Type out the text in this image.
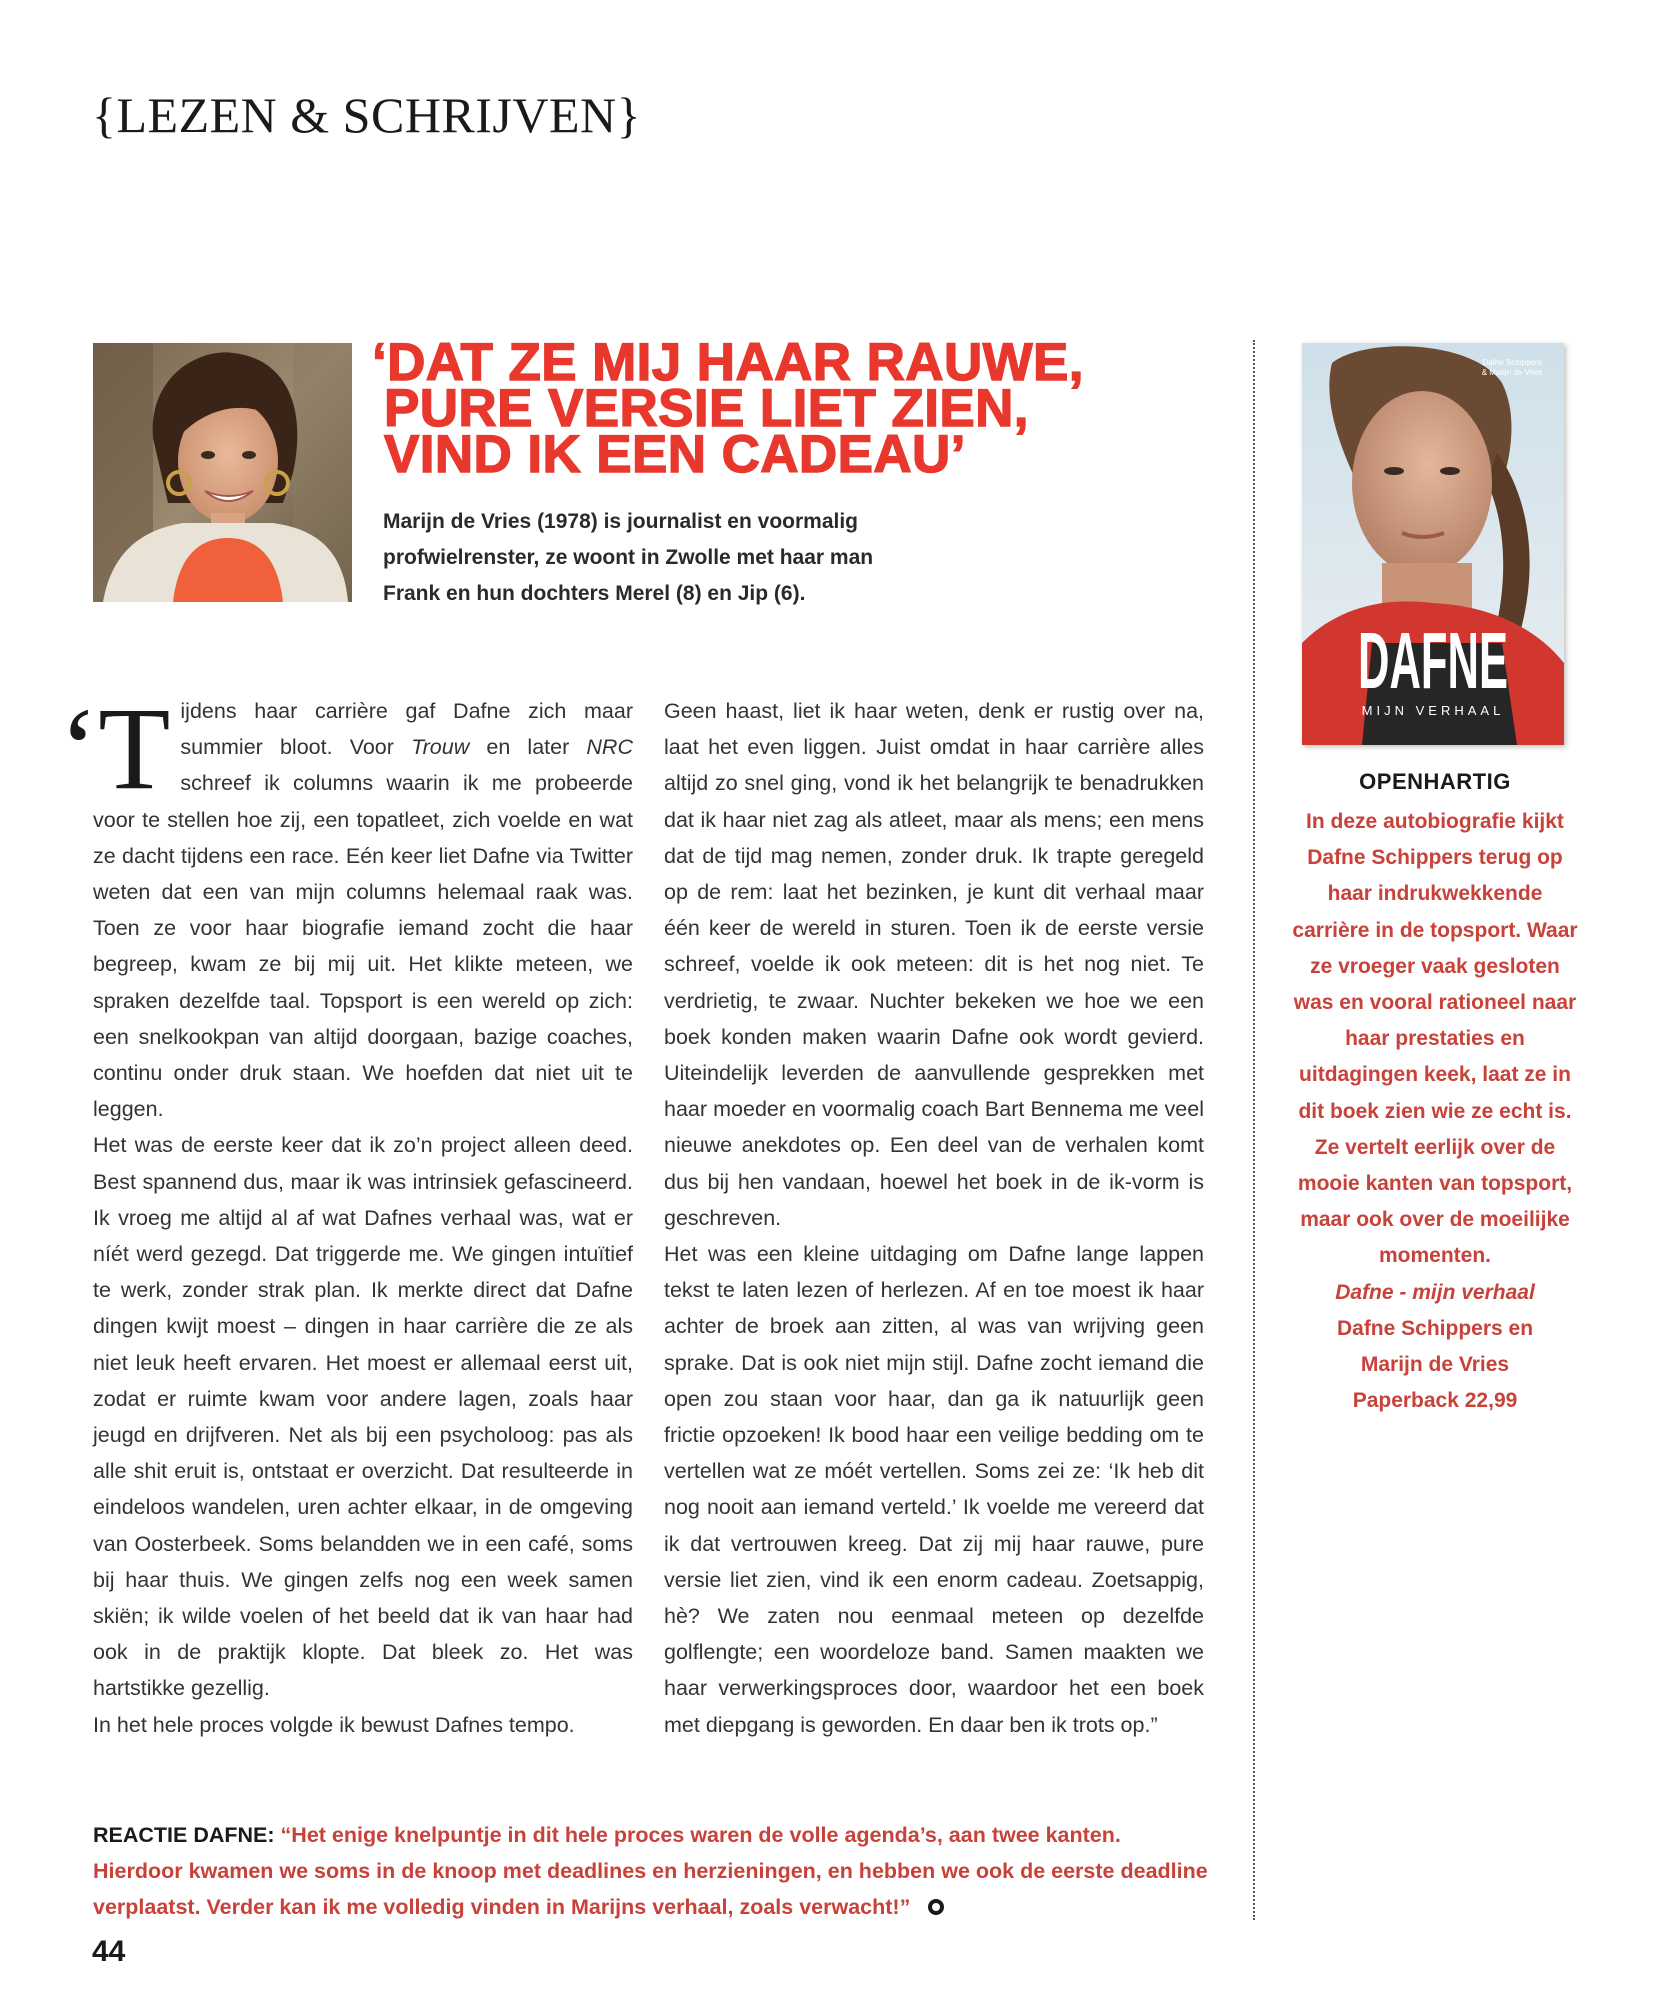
{LEZEN & SCHRIJVEN}
‘DAT ZE MIJ HAAR RAUWE,
PURE VERSIE LIET ZIEN,
VIND IK EEN CADEAU’
Marijn de Vries (1978) is journalist en voormalig profwielrenster, ze woont in Zwolle met haar man Frank en hun dochters Merel (8) en Jip (6).

‘T ijdens haar carrière gaf Dafne zich maar summier bloot. Voor Trouw en later NRC schreef ik columns waarin ik me probeerde voor te stellen hoe zij, een topatleet, zich voelde en wat ze dacht tijdens een race. Eén keer liet Dafne via Twitter weten dat een van mijn columns helemaal raak was. Toen ze voor haar biografie iemand zocht die haar begreep, kwam ze bij mij uit. Het klikte meteen, we spraken dezelfde taal. Topsport is een wereld op zich: een snelkookpan van altijd doorgaan, bazige coaches, continu onder druk staan. We hoefden dat niet uit te leggen.

Het was de eerste keer dat ik zo’n project alleen deed. Best spannend dus, maar ik was intrinsiek gefascineerd. Ik vroeg me altijd al af wat Dafnes verhaal was, wat er níét werd gezegd. Dat triggerde me. We gingen intuïtief te werk, zonder strak plan. Ik merkte direct dat Dafne dingen kwijt moest – dingen in haar carrière die ze als niet leuk heeft ervaren. Het moest er allemaal eerst uit, zodat er ruimte kwam voor andere lagen, zoals haar jeugd en drijfveren. Net als bij een psycholoog: pas als alle shit eruit is, ontstaat er overzicht. Dat resulteerde in eindeloos wandelen, uren achter elkaar, in de omgeving van Oosterbeek. Soms belandden we in een café, soms bij haar thuis. We gingen zelfs nog een week samen skiën; ik wilde voelen of het beeld dat ik van haar had ook in de praktijk klopte. Dat bleek zo. Het was hartstikke gezellig.

In het hele proces volgde ik bewust Dafnes tempo.

Geen haast, liet ik haar weten, denk er rustig over na, laat het even liggen. Juist omdat in haar carrière alles altijd zo snel ging, vond ik het belangrijk te benadrukken dat ik haar niet zag als atleet, maar als mens; een mens dat de tijd mag nemen, zonder druk. Ik trapte geregeld op de rem: laat het bezinken, je kunt dit verhaal maar één keer de wereld in sturen. Toen ik de eerste versie schreef, voelde ik ook meteen: dit is het nog niet. Te verdrietig, te zwaar. Nuchter bekeken we hoe we een boek konden maken waarin Dafne ook wordt gevierd. Uiteindelijk leverden de aanvullende gesprekken met haar moeder en voormalig coach Bart Bennema me veel nieuwe anekdotes op. Een deel van de verhalen komt dus bij hen vandaan, hoewel het boek in de ik-vorm is geschreven.

Het was een kleine uitdaging om Dafne lange lappen tekst te laten lezen of herlezen. Af en toe moest ik haar achter de broek aan zitten, al was van wrijving geen sprake. Dat is ook niet mijn stijl. Dafne zocht iemand die open zou staan voor haar, dan ga ik natuurlijk geen frictie opzoeken! Ik bood haar een veilige bedding om te vertellen wat ze móét vertellen. Soms zei ze: ‘Ik heb dit nog nooit aan iemand verteld.’ Ik voelde me vereerd dat ik dat vertrouwen kreeg. Dat zij mij haar rauwe, pure versie liet zien, vind ik een enorm cadeau. Zoetsappig, hè? We zaten nou eenmaal meteen op dezelfde golflengte; een woordeloze band. Samen maakten we haar verwerkingsproces door, waardoor het een boek met diepgang is geworden. En daar ben ik trots op.”

Dafne Schippers
& Marijn de Vries
DAFNE
MIJN VERHAAL
OPENHARTIG
In deze autobiografie kijkt Dafne Schippers terug op haar indrukwekkende carrière in de topsport. Waar ze vroeger vaak gesloten was en vooral rationeel naar haar prestaties en uitdagingen keek, laat ze in dit boek zien wie ze echt is. Ze vertelt eerlijk over de mooie kanten van topsport, maar ook over de moeilijke momenten.
Dafne - mijn verhaal
Dafne Schippers en
Marijn de Vries
Paperback 22,99
REACTIE DAFNE: “Het enige knelpuntje in dit hele proces waren de volle agenda’s, aan twee kanten. Hierdoor kwamen we soms in de knoop met deadlines en herzieningen, en hebben we ook de eerste deadline verplaatst. Verder kan ik me volledig vinden in Marijns verhaal, zoals verwacht!”
44
